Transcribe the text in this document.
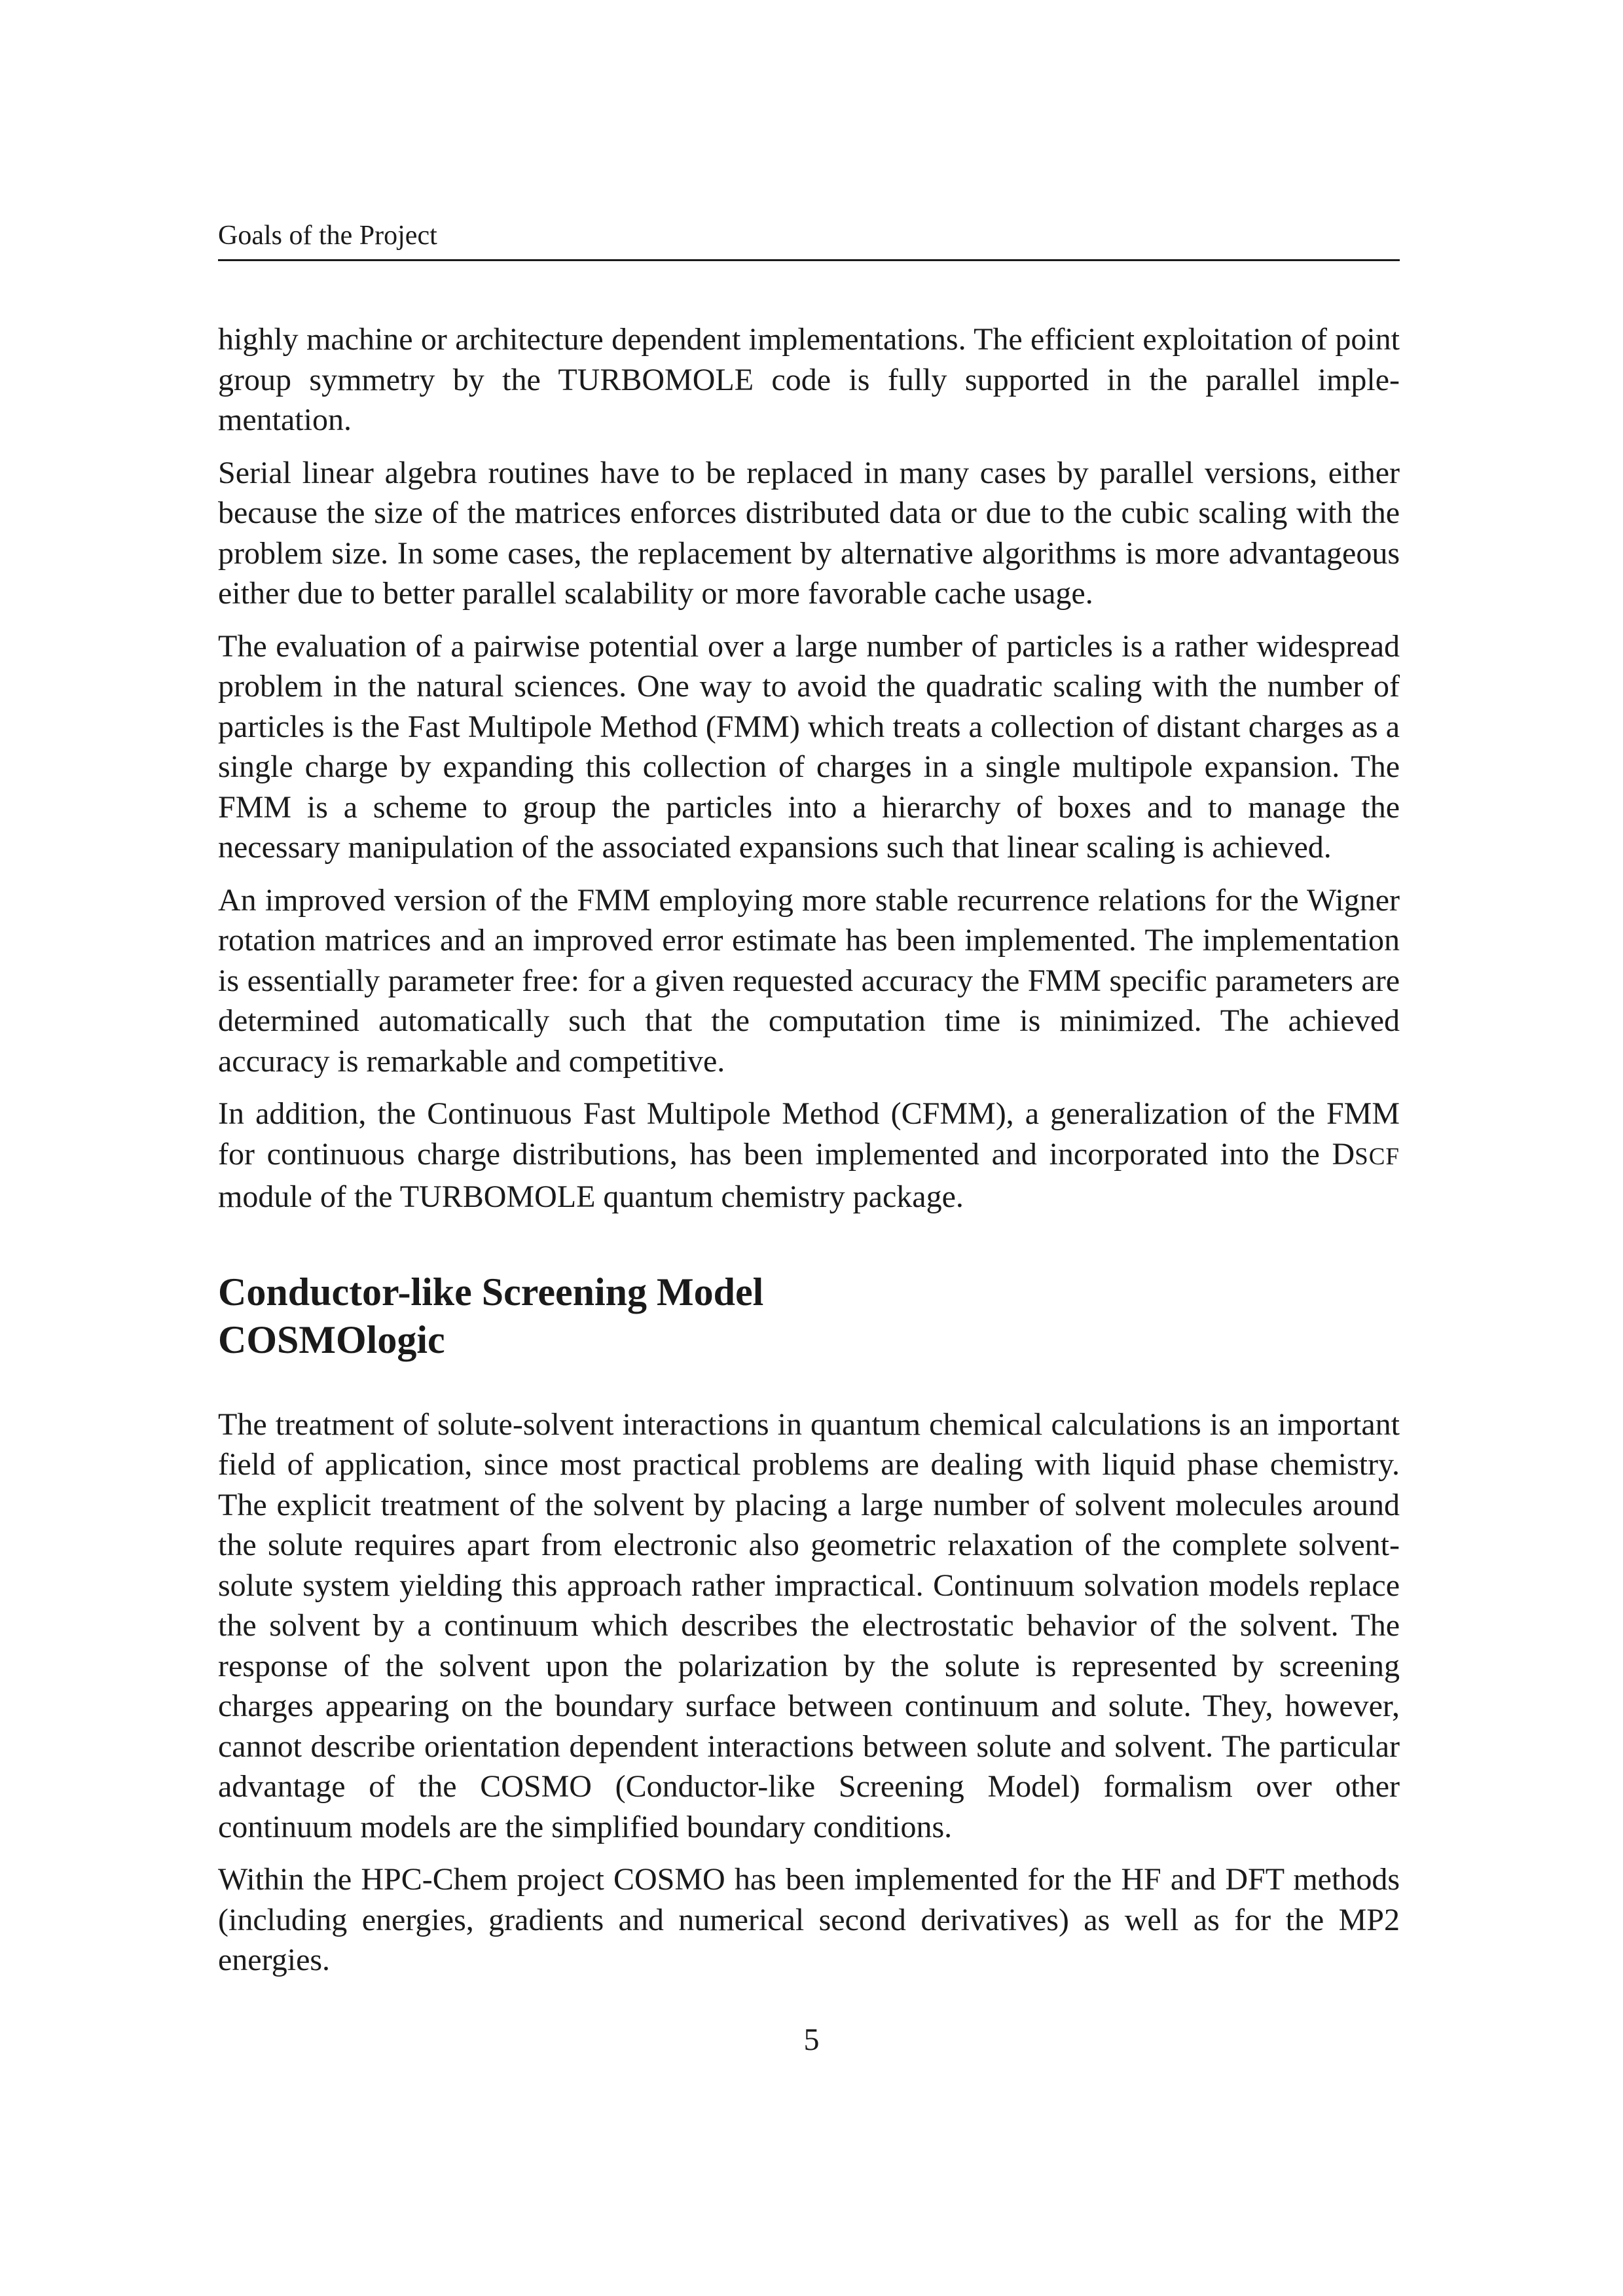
Goals of the Project

highly machine or architecture dependent implementations. The efficient exploitation of point group symmetry by the TURBOMOLE code is fully supported in the parallel implementation.

Serial linear algebra routines have to be replaced in many cases by parallel versions, either because the size of the matrices enforces distributed data or due to the cubic scaling with the problem size. In some cases, the replacement by alternative algorithms is more advantageous either due to better parallel scalability or more favorable cache usage.

The evaluation of a pairwise potential over a large number of particles is a rather widespread problem in the natural sciences. One way to avoid the quadratic scaling with the number of particles is the Fast Multipole Method (FMM) which treats a collection of distant charges as a single charge by expanding this collection of charges in a single multipole expansion. The FMM is a scheme to group the particles into a hierarchy of boxes and to manage the necessary manipulation of the associated expansions such that linear scaling is achieved.

An improved version of the FMM employing more stable recurrence relations for the Wigner rotation matrices and an improved error estimate has been implemented. The implementation is essentially parameter free: for a given requested accuracy the FMM specific parameters are determined automatically such that the computation time is minimized. The achieved accuracy is remarkable and competitive.

In addition, the Continuous Fast Multipole Method (CFMM), a generalization of the FMM for continuous charge distributions, has been implemented and incorporated into the DSCF module of the TURBOMOLE quantum chemistry package.

Conductor-like Screening Model
COSMOlogic

The treatment of solute-solvent interactions in quantum chemical calculations is an important field of application, since most practical problems are dealing with liquid phase chemistry. The explicit treatment of the solvent by placing a large number of solvent molecules around the solute requires apart from electronic also geometric relaxation of the complete solvent-solute system yielding this approach rather impractical. Continuum solvation models replace the solvent by a continuum which describes the electrostatic behavior of the solvent. The response of the solvent upon the polarization by the solute is represented by screening charges appearing on the boundary surface between continuum and solute. They, however, cannot describe orientation dependent interactions between solute and solvent. The particular advantage of the COSMO (Conductor-like Screening Model) formalism over other continuum models are the simplified boundary conditions.

Within the HPC-Chem project COSMO has been implemented for the HF and DFT methods (including energies, gradients and numerical second derivatives) as well as for the MP2 energies.

5
